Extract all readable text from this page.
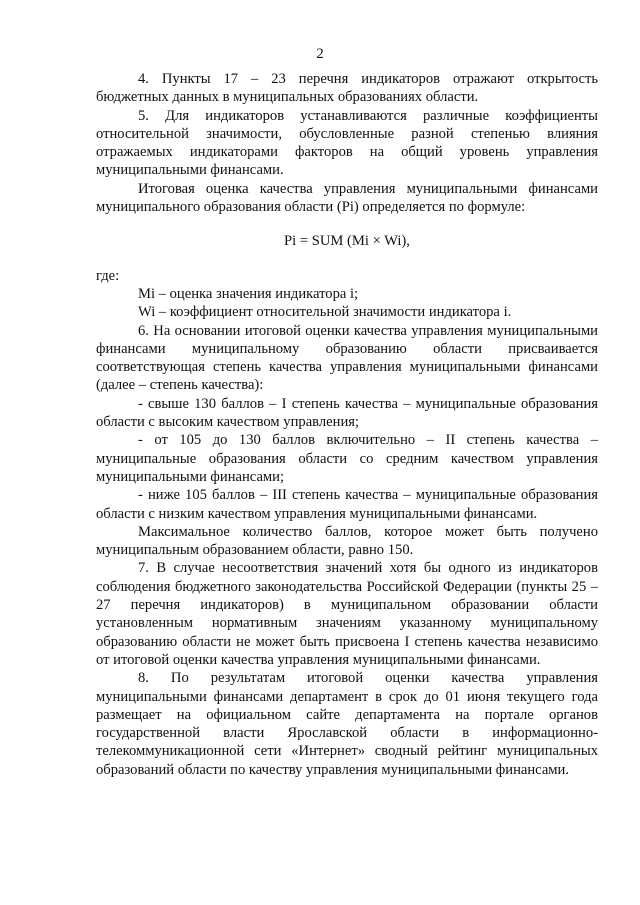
2

4. Пункты 17 – 23 перечня индикаторов отражают открытость бюджетных данных в муниципальных образованиях области.

5. Для индикаторов устанавливаются различные коэффициенты относительной значимости, обусловленные разной степенью влияния отражаемых индикаторами факторов на общий уровень управления муниципальными финансами.

Итоговая оценка качества управления муниципальными финансами муниципального образования области (Pi) определяется по формуле:

Pi = SUM (Mi × Wi),

где:

Mi – оценка значения индикатора i;

Wi – коэффициент относительной значимости индикатора i.

6. На основании итоговой оценки качества управления муниципальными финансами муниципальному образованию области присваивается соответствующая степень качества управления муниципальными финансами (далее – степень качества):

- свыше 130 баллов – I степень качества – муниципальные образования области с высоким качеством управления;

- от 105 до 130 баллов включительно – II степень качества – муниципальные образования области со средним качеством управления муниципальными финансами;

- ниже 105 баллов – III степень качества – муниципальные образования области с низким качеством управления муниципальными финансами.

Максимальное количество баллов, которое может быть получено муниципальным образованием области, равно 150.

7. В случае несоответствия значений хотя бы одного из индикаторов соблюдения бюджетного законодательства Российской Федерации (пункты 25 – 27 перечня индикаторов) в муниципальном образовании области установленным нормативным значениям указанному муниципальному образованию области не может быть присвоена I степень качества независимо от итоговой оценки качества управления муниципальными финансами.

8. По результатам итоговой оценки качества управления муниципальными финансами департамент в срок до 01 июня текущего года размещает на официальном сайте департамента на портале органов государственной власти Ярославской области в информационно-телекоммуникационной сети «Интернет» сводный рейтинг муниципальных образований области по качеству управления муниципальными финансами.
